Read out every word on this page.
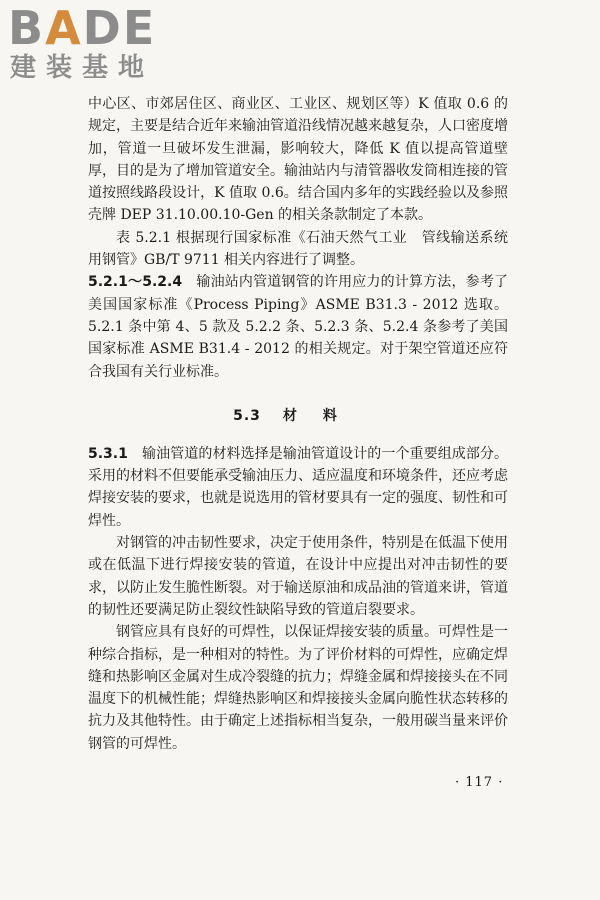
BADE
建装基地

中心区、市郊居住区、商业区、工业区、规划区等）K 值取 0.6 的规定，主要是结合近年来输油管道沿线情况越来越复杂，人口密度增加，管道一旦破坏发生泄漏，影响较大，降低 K 值以提高管道壁厚，目的是为了增加管道安全。输油站内与清管器收发筒相连接的管道按照线路段设计，K 值取 0.6。结合国内多年的实践经验以及参照壳牌 DEP 31.10.00.10-Gen 的相关条款制定了本款。

表 5.2.1 根据现行国家标准《石油天然气工业　管线输送系统用钢管》GB/T 9711 相关内容进行了调整。

5.2.1～5.2.4　 输油站内管道钢管的许用应力的计算方法，参考了美国国家标准《Process Piping》ASME B31.3 - 2012 选取。5.2.1 条中第 4、5 款及 5.2.2 条、5.2.3 条、5.2.4 条参考了美国国家标准 ASME B31.4 - 2012 的相关规定。对于架空管道还应符合我国有关行业标准。

5.3 材料

5.3.1　 输油管道的材料选择是输油管道设计的一个重要组成部分。采用的材料不但要能承受输油压力、适应温度和环境条件，还应考虑焊接安装的要求，也就是说选用的管材要具有一定的强度、韧性和可焊性。

对钢管的冲击韧性要求，决定于使用条件，特别是在低温下使用或在低温下进行焊接安装的管道，在设计中应提出对冲击韧性的要求，以防止发生脆性断裂。对于输送原油和成品油的管道来讲，管道的韧性还要满足防止裂纹性缺陷导致的管道启裂要求。

钢管应具有良好的可焊性，以保证焊接安装的质量。可焊性是一种综合指标，是一种相对的特性。为了评价材料的可焊性，应确定焊缝和热影响区金属对生成冷裂缝的抗力；焊缝金属和焊接接头在不同温度下的机械性能；焊缝热影响区和焊接接头金属向脆性状态转移的抗力及其他特性。由于确定上述指标相当复杂，一般用碳当量来评价钢管的可焊性。

· 117 ·
